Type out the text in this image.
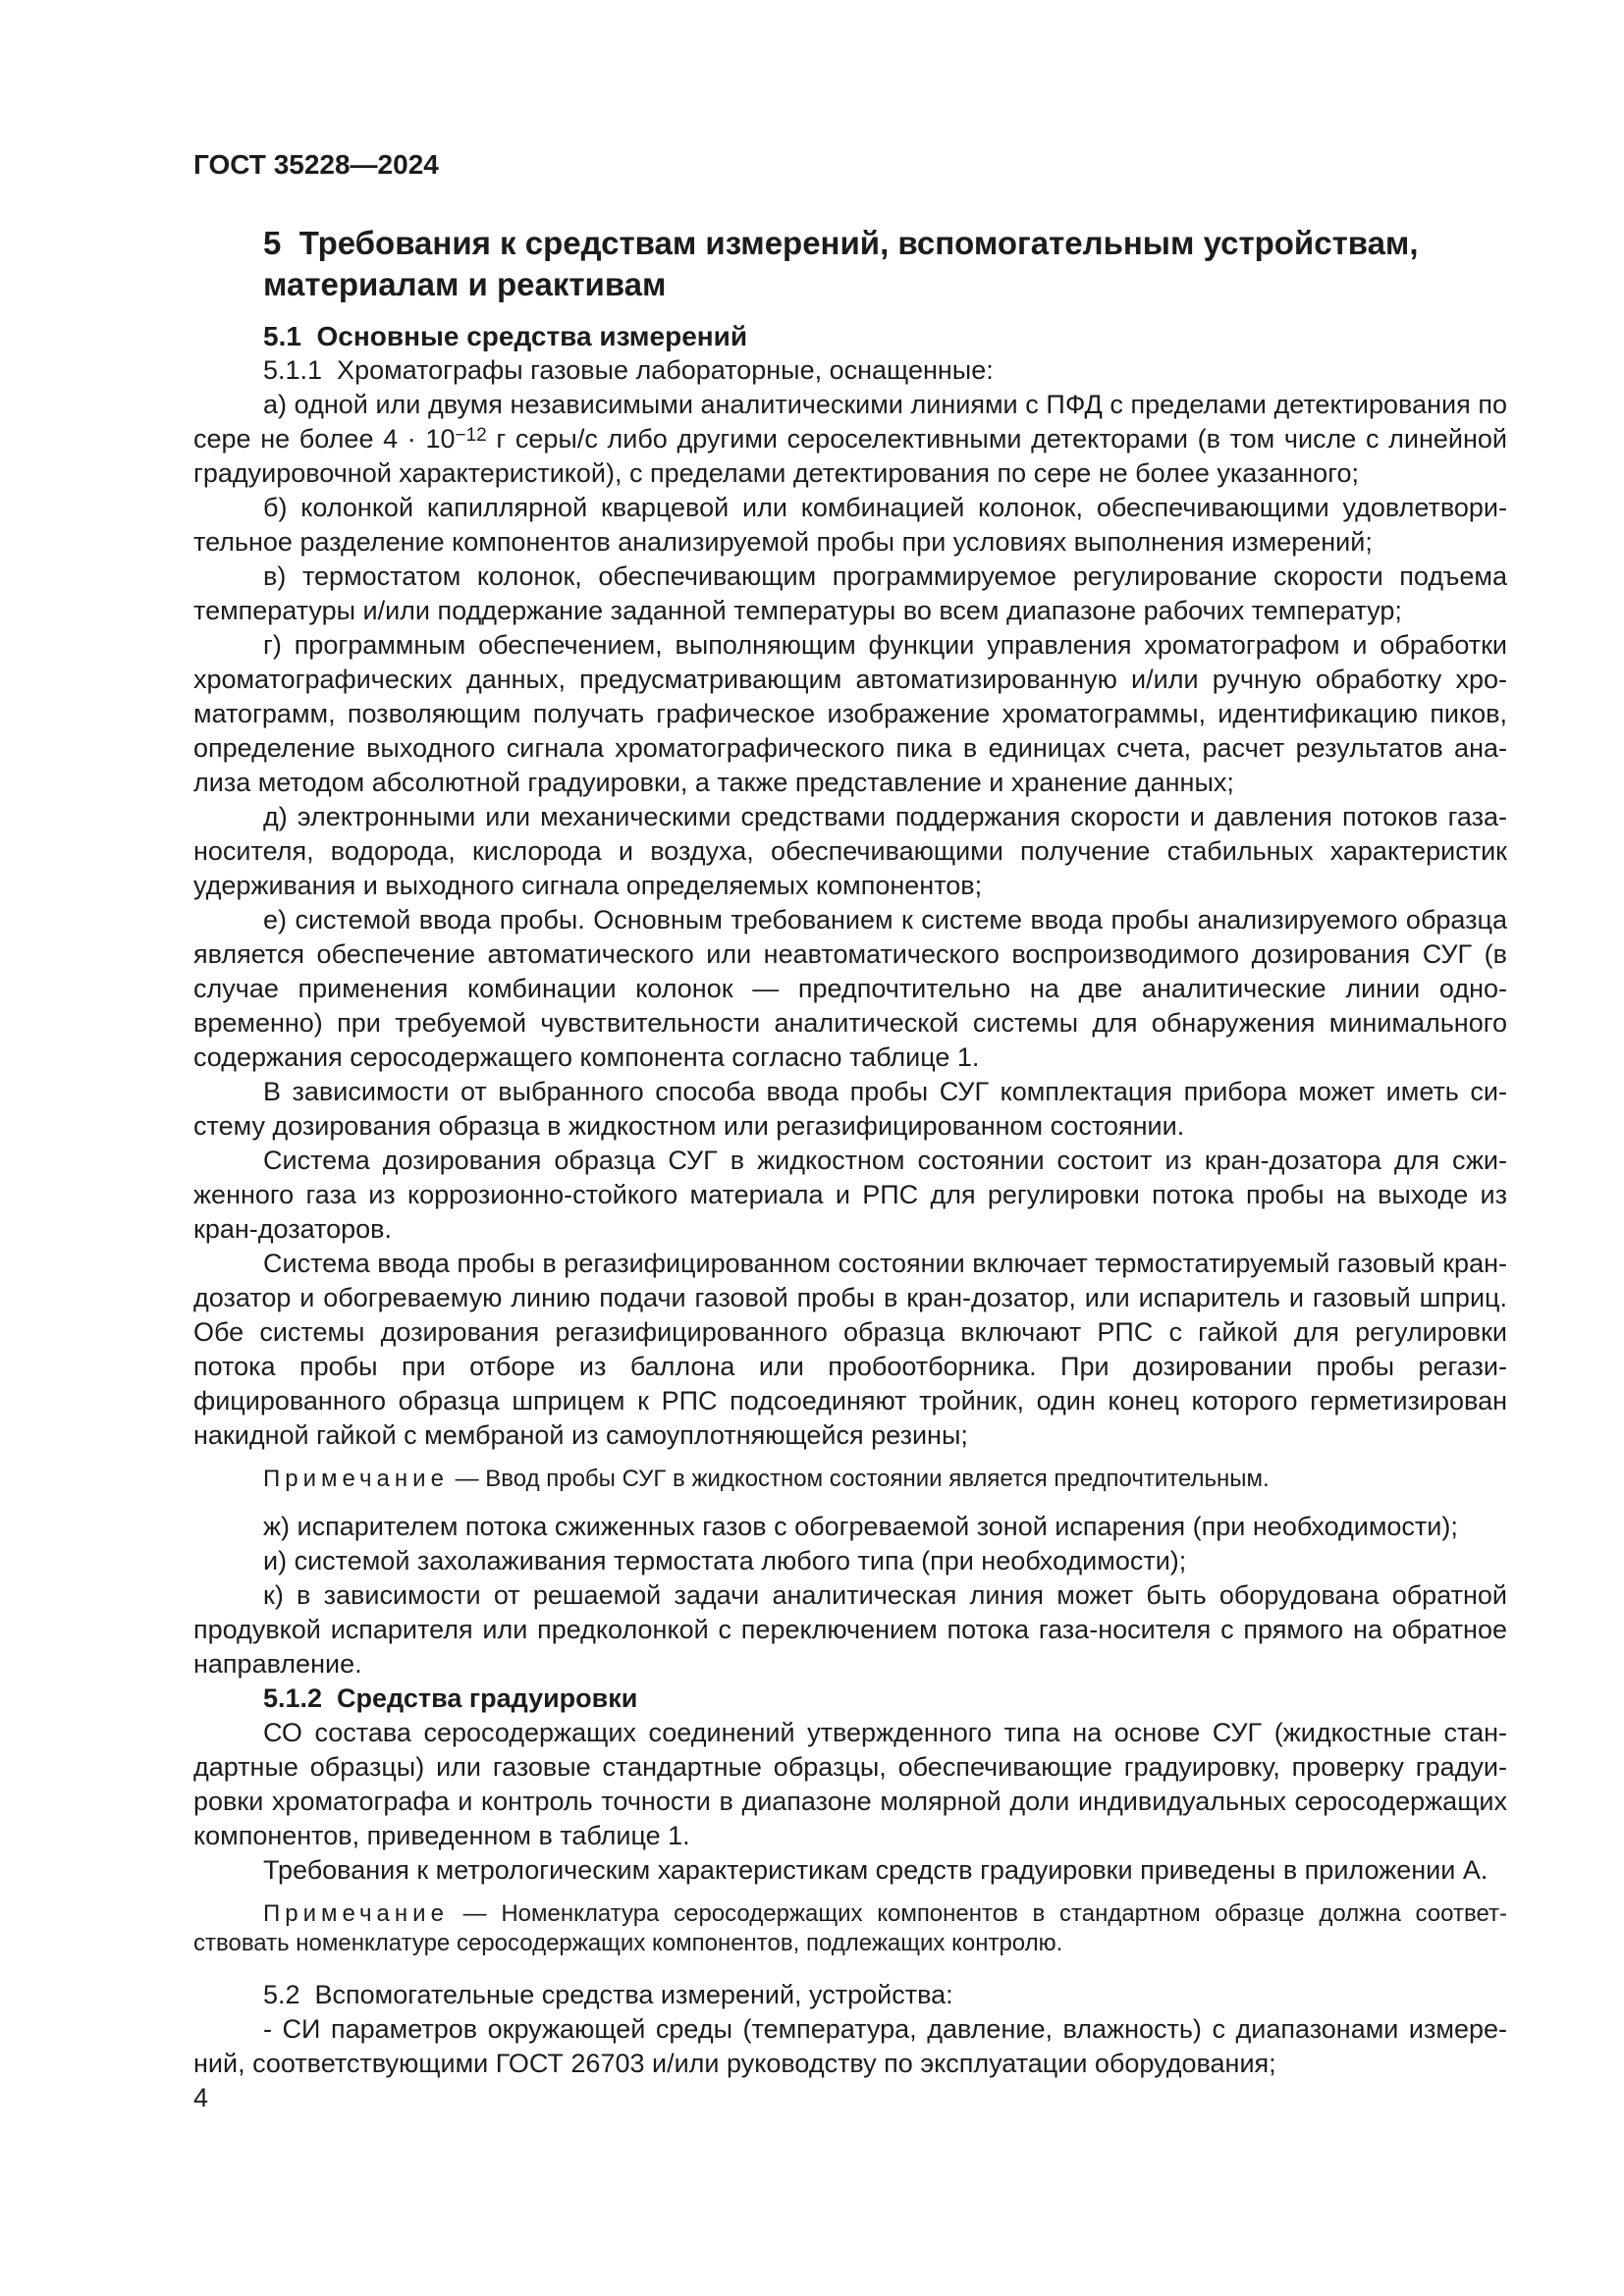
ГОСТ 35228—2024
5  Требования к средствам измерений, вспомогательным устройствам, материалам и реактивам
5.1  Основные средства измерений

5.1.1  Хроматографы газовые лабораторные, оснащенные:

а) одной или двумя независимыми аналитическими линиями с ПФД с пределами детектирования по сере не более $4 \cdot 10^{-12}$ г серы/с либо другими сероселективными детекторами (в том числе с линейной градуировочной характеристикой), с пределами детектирования по сере не более указанного;

б) колонкой капиллярной кварцевой или комбинацией колонок, обеспечивающими удовлетворительное разделение компонентов анализируемой пробы при условиях выполнения измерений;

в) термостатом колонок, обеспечивающим программируемое регулирование скорости подъема температуры и/или поддержание заданной температуры во всем диапазоне рабочих температур;

г) программным обеспечением, выполняющим функции управления хроматографом и обработки хроматографических данных, предусматривающим автоматизированную и/или ручную обработку хроматограмм, позволяющим получать графическое изображение хроматограммы, идентификацию пиков, определение выходного сигнала хроматографического пика в единицах счета, расчет результатов анализа методом абсолютной градуировки, а также представление и хранение данных;

д) электронными или механическими средствами поддержания скорости и давления потоков газа-носителя, водорода, кислорода и воздуха, обеспечивающими получение стабильных характеристик удерживания и выходного сигнала определяемых компонентов;

е) системой ввода пробы. Основным требованием к системе ввода пробы анализируемого образца является обеспечение автоматического или неавтоматического воспроизводимого дозирования СУГ (в случае применения комбинации колонок — предпочтительно на две аналитические линии одновременно) при требуемой чувствительности аналитической системы для обнаружения минимального содержания серосодержащего компонента согласно таблице 1.

В зависимости от выбранного способа ввода пробы СУГ комплектация прибора может иметь систему дозирования образца в жидкостном или регазифицированном состоянии.

Система дозирования образца СУГ в жидкостном состоянии состоит из кран-дозатора для сжиженного газа из коррозионно-стойкого материала и РПС для регулировки потока пробы на выходе из кран-дозаторов.

Система ввода пробы в регазифицированном состоянии включает термостатируемый газовый кран-дозатор и обогреваемую линию подачи газовой пробы в кран-дозатор, или испаритель и газовый шприц. Обе системы дозирования регазифицированного образца включают РПС с гайкой для регулировки потока пробы при отборе из баллона или пробоотборника. При дозировании пробы регазифицированного образца шприцем к РПС подсоединяют тройник, один конец которого герметизирован накидной гайкой с мембраной из самоуплотняющейся резины;

Примечание — Ввод пробы СУГ в жидкостном состоянии является предпочтительным.

ж) испарителем потока сжиженных газов с обогреваемой зоной испарения (при необходимости);

и) системой захолаживания термостата любого типа (при необходимости);

к) в зависимости от решаемой задачи аналитическая линия может быть оборудована обратной продувкой испарителя или предколонкой с переключением потока газа-носителя с прямого на обратное направление.

5.1.2  Средства градуировки

СО состава серосодержащих соединений утвержденного типа на основе СУГ (жидкостные стандартные образцы) или газовые стандартные образцы, обеспечивающие градуировку, проверку градуировки хроматографа и контроль точности в диапазоне молярной доли индивидуальных серосодержащих компонентов, приведенном в таблице 1.

Требования к метрологическим характеристикам средств градуировки приведены в приложении А.

Примечание — Номенклатура серосодержащих компонентов в стандартном образце должна соответствовать номенклатуре серосодержащих компонентов, подлежащих контролю.

5.2  Вспомогательные средства измерений, устройства:

- СИ параметров окружающей среды (температура, давление, влажность) с диапазонами измерений, соответствующими ГОСТ 26703 и/или руководству по эксплуатации оборудования;

4
